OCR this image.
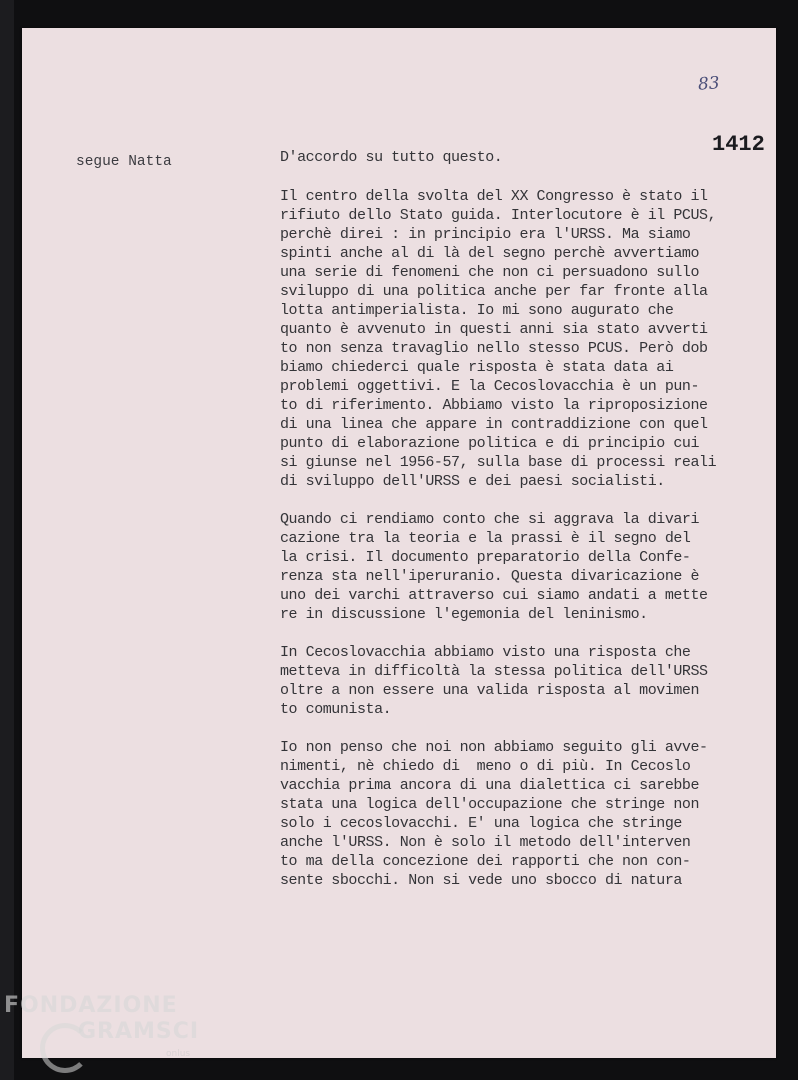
83
1412
segue Natta	D'accordo su tutto questo.
Il centro della svolta del XX Congresso è stato il
rifiuto dello Stato guida. Interlocutore è il PCUS,
perchè direi : in principio era l'URSS. Ma siamo
spinti anche al di là del segno perchè avvertiamo
una serie di fenomeni che non ci persuadono sullo
sviluppo di una politica anche per far fronte alla
lotta antimperialista. Io mi sono augurato che
quanto è avvenuto in questi anni sia stato avverti
to non senza travaglio nello stesso PCUS. Però dob
biamo chiederci quale risposta è stata data ai
problemi oggettivi. E la Cecoslovacchia è un pun-
to di riferimento. Abbiamo visto la riproposizione
di una linea che appare in contraddizione con quel
punto di elaborazione politica e di principio cui
si giunse nel 1956-57, sulla base di processi reali
di sviluppo dell'URSS e dei paesi socialisti.
Quando ci rendiamo conto che si aggrava la divari
cazione tra la teoria e la prassi è il segno del
la crisi. Il documento preparatorio della Confe-
renza sta nell'iperuranio. Questa divaricazione è
uno dei varchi attraverso cui siamo andati a mette
re in discussione l'egemonia del leninismo.
In Cecoslovacchia abbiamo visto una risposta che
metteva in difficoltà la stessa politica dell'URSS
oltre a non essere una valida risposta al movimen
to comunista.
Io non penso che noi non abbiamo seguito gli avve-
nimenti, nè chiedo di  meno o di più. In Cecoslo
vacchia prima ancora di una dialettica ci sarebbe
stata una logica dell'occupazione che stringe non
solo i cecoslovacchi. E' una logica che stringe
anche l'URSS. Non è solo il metodo dell'interven
to ma della concezione dei rapporti che non con-
sente sbocchi. Non si vede uno sbocco di natura
FONDAZIONE
GRAMSCI
onlus
